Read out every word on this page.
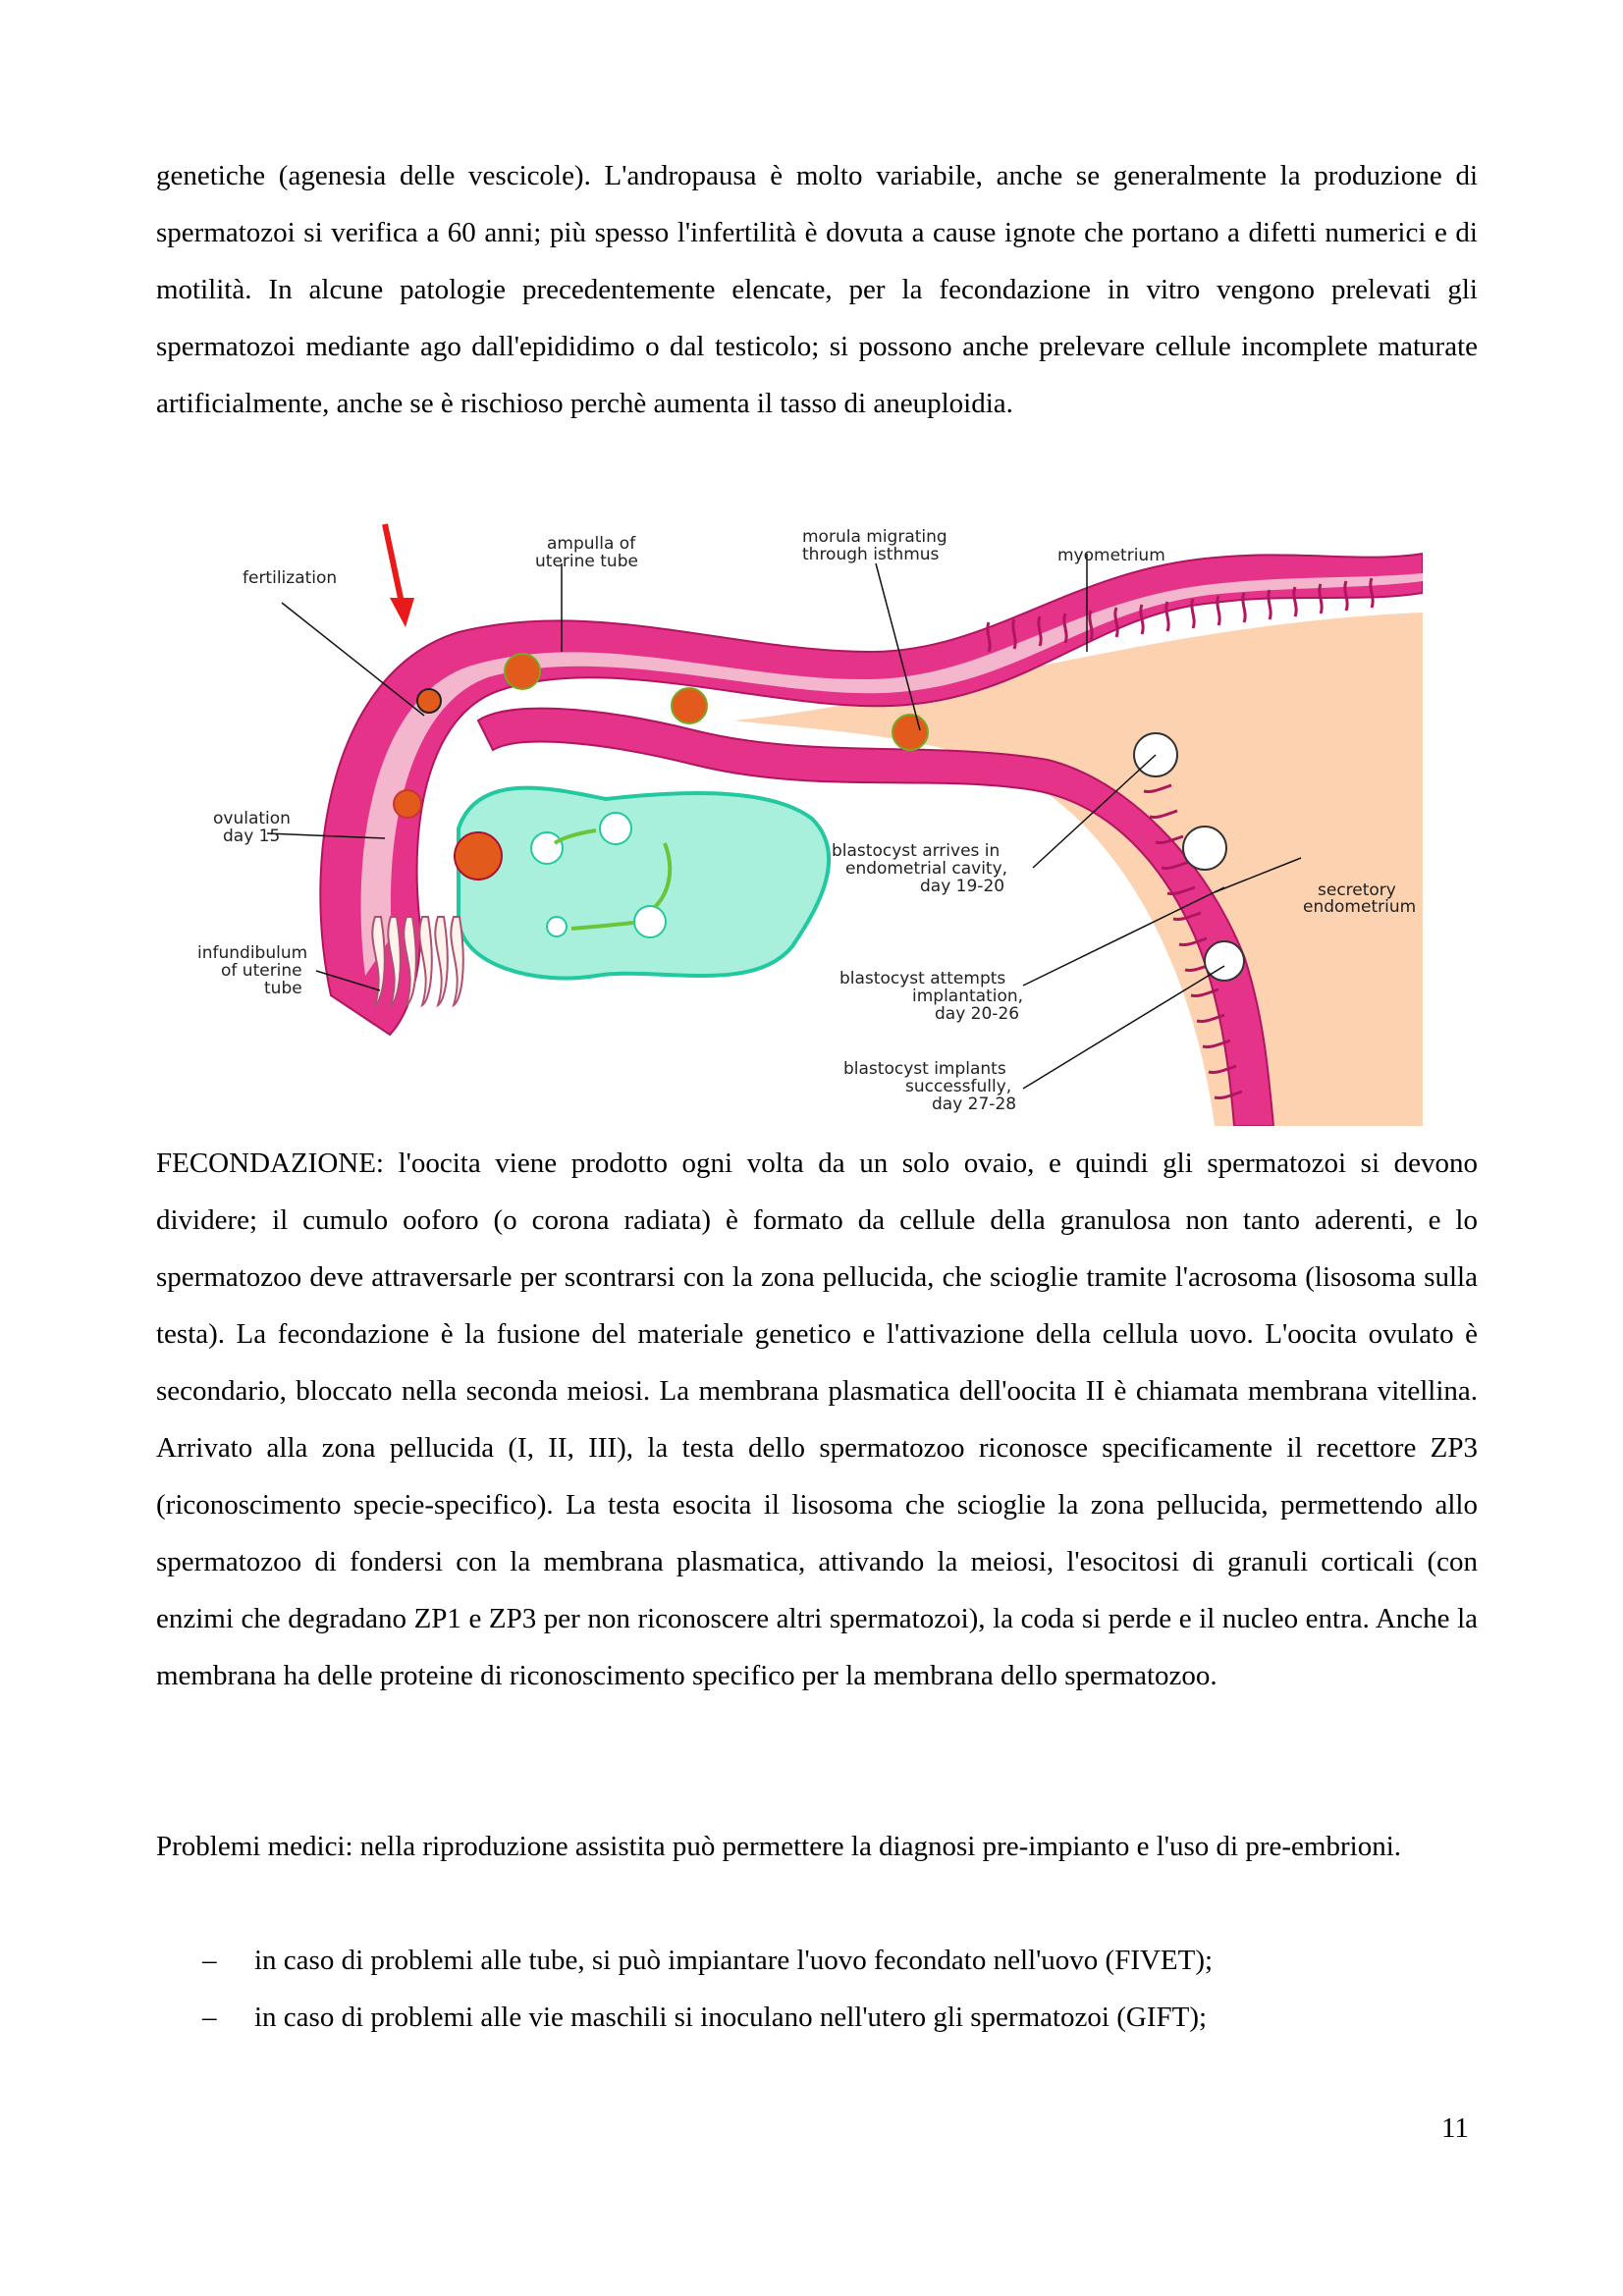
genetiche (agenesia delle vescicole). L'andropausa è molto variabile, anche se generalmente la produzione di spermatozoi si verifica a 60 anni; più spesso l'infertilità è dovuta a cause ignote che portano a difetti numerici e di motilità. In alcune patologie precedentemente elencate, per la fecondazione in vitro vengono prelevati gli spermatozoi mediante ago dall'epididimo o dal testicolo; si possono anche prelevare cellule incomplete maturate artificialmente, anche se è rischioso perchè aumenta il tasso di aneuploidia.
fertilization
ampulla of
uterine tube
morula migrating
through isthmus	myometrium
ovulation
day 15
infundibulum
of uterine
tube
blastocyst arrives in
endometrial cavity,
day 19-20	secretory
endometrium
blastocyst attempts
implantation,
day 20-26
blastocyst implants
successfully,
day 27-28
FECONDAZIONE: l'oocita viene prodotto ogni volta da un solo ovaio, e quindi gli spermatozoi si devono dividere; il cumulo ooforo (o corona radiata) è formato da cellule della granulosa non tanto aderenti, e lo spermatozoo deve attraversarle per scontrarsi con la zona pellucida, che scioglie tramite l'acrosoma (lisosoma sulla testa). La fecondazione è la fusione del materiale genetico e l'attivazione della cellula uovo. L'oocita ovulato è secondario, bloccato nella seconda meiosi. La membrana plasmatica dell'oocita II è chiamata membrana vitellina. Arrivato alla zona pellucida (I, II, III), la testa dello spermatozoo riconosce specificamente il recettore ZP3 (riconoscimento specie-specifico). La testa esocita il lisosoma che scioglie la zona pellucida, permettendo allo spermatozoo di fondersi con la membrana plasmatica, attivando la meiosi, l'esocitosi di granuli corticali (con enzimi che degradano ZP1 e ZP3 per non riconoscere altri spermatozoi), la coda si perde e il nucleo entra. Anche la membrana ha delle proteine di riconoscimento specifico per la membrana dello spermatozoo.
Problemi medici: nella riproduzione assistita può permettere la diagnosi pre-impianto e l'uso di pre-embrioni.
– in caso di problemi alle tube, si può impiantare l'uovo fecondato nell'uovo (FIVET);
– in caso di problemi alle vie maschili si inoculano nell'utero gli spermatozoi (GIFT);
11
